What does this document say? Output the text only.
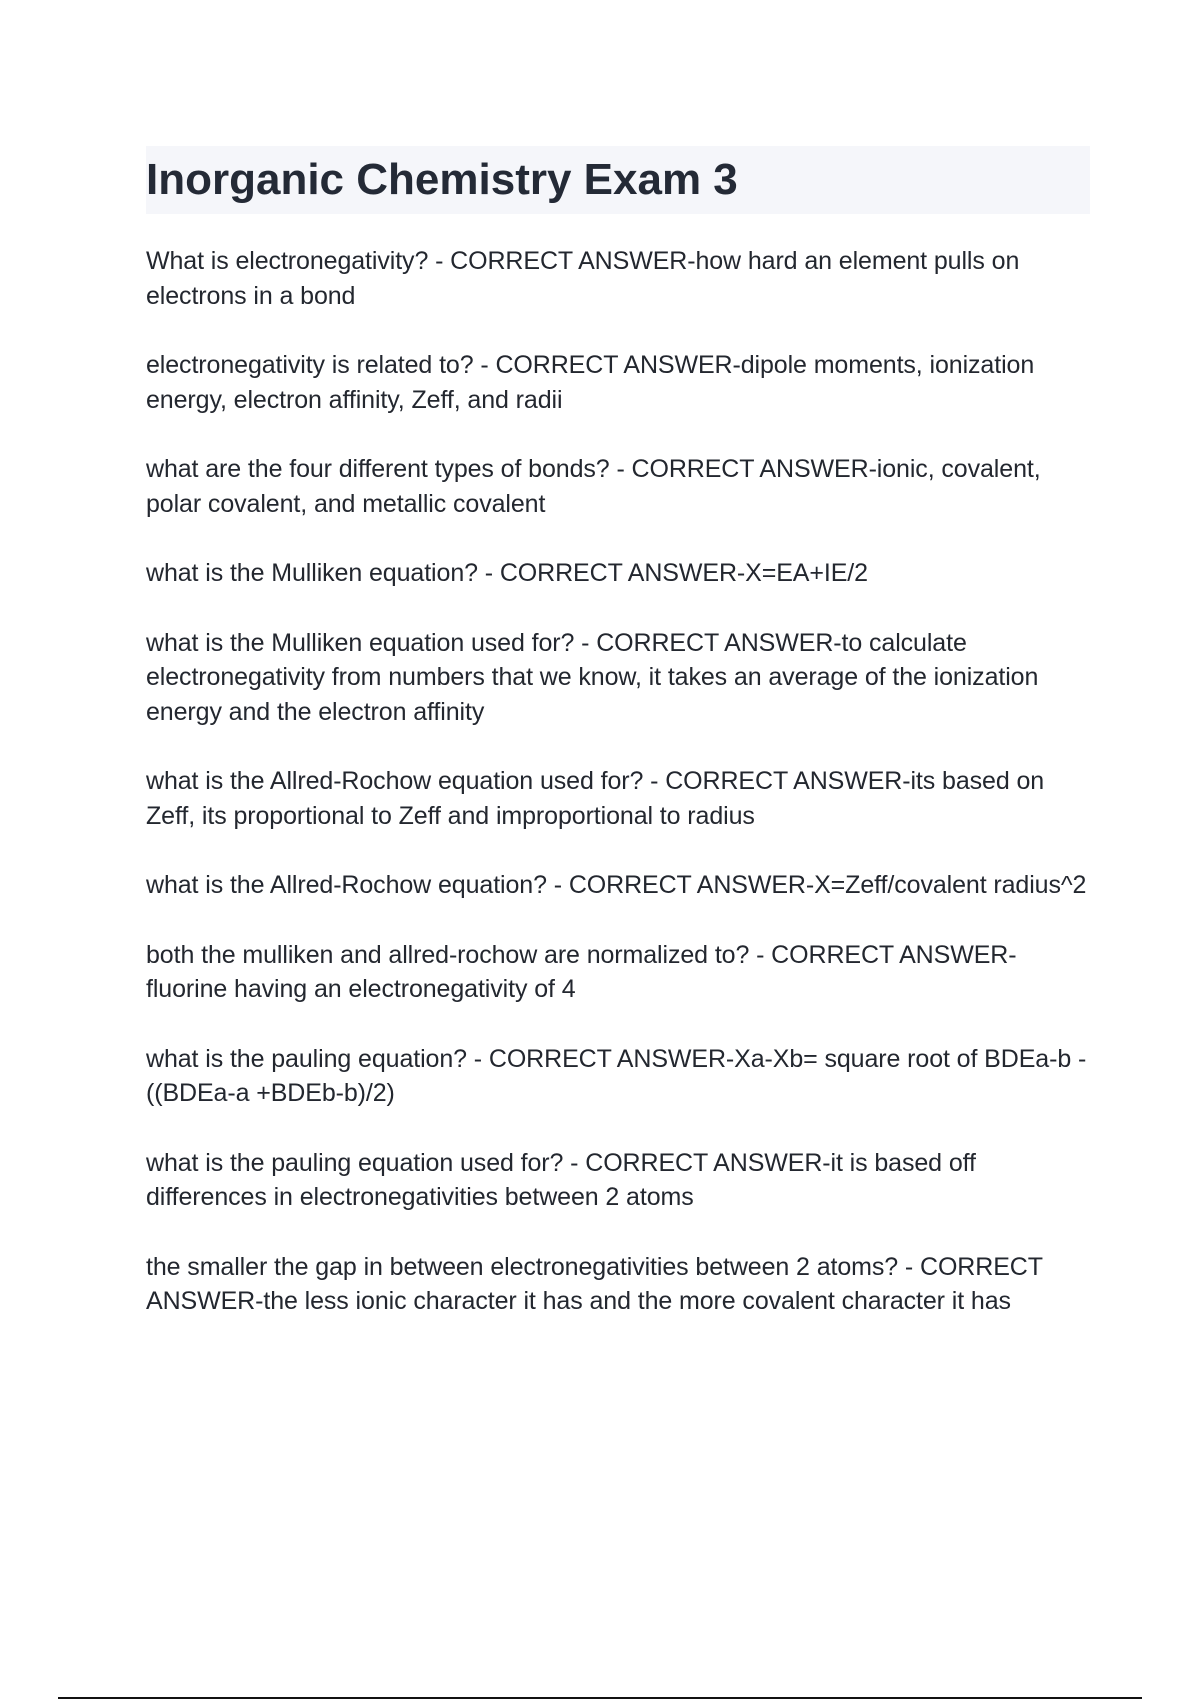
Inorganic Chemistry Exam 3
What is electronegativity? - CORRECT ANSWER-how hard an element pulls on electrons in a bond
electronegativity is related to? - CORRECT ANSWER-dipole moments, ionization energy, electron affinity, Zeff, and radii
what are the four different types of bonds? - CORRECT ANSWER-ionic, covalent, polar covalent, and metallic covalent
what is the Mulliken equation? - CORRECT ANSWER-X=EA+IE/2
what is the Mulliken equation used for? - CORRECT ANSWER-to calculate electronegativity from numbers that we know, it takes an average of the ionization energy and the electron affinity
what is the Allred-Rochow equation used for? - CORRECT ANSWER-its based on Zeff, its proportional to Zeff and improportional to radius
what is the Allred-Rochow equation? - CORRECT ANSWER-X=Zeff/covalent radius^2
both the mulliken and allred-rochow are normalized to? - CORRECT ANSWER-fluorine having an electronegativity of 4
what is the pauling equation? - CORRECT ANSWER-Xa-Xb= square root of BDEa-b - ((BDEa-a +BDEb-b)/2)
what is the pauling equation used for? - CORRECT ANSWER-it is based off differences in electronegativities between 2 atoms
the smaller the gap in between electronegativities between 2 atoms? - CORRECT ANSWER-the less ionic character it has and the more covalent character it has
